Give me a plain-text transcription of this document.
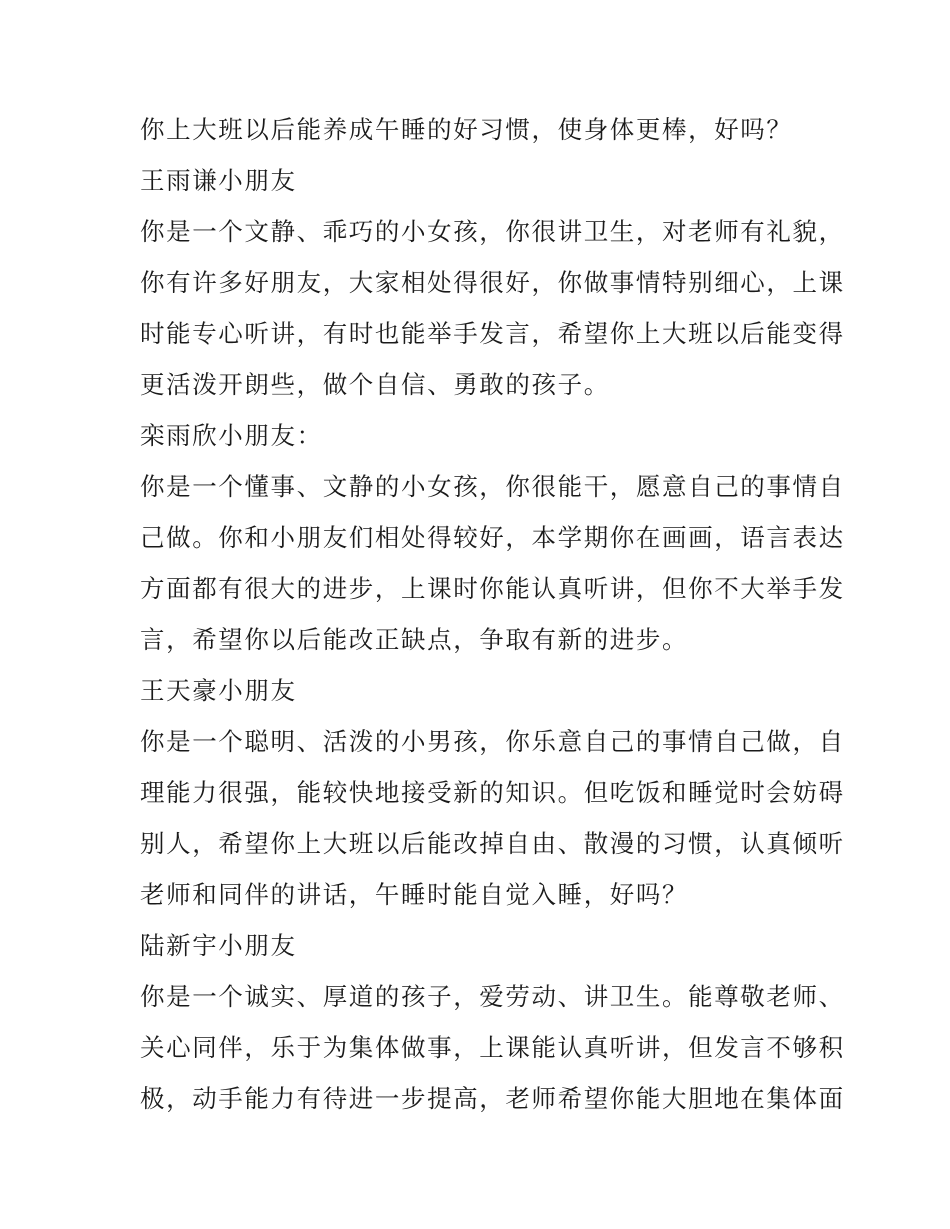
你上大班以后能养成午睡的好习惯，使身体更棒，好吗？

王雨谦小朋友

你是一个文静、乖巧的小女孩，你很讲卫生，对老师有礼貌，

你有许多好朋友，大家相处得很好，你做事情特别细心，上课

时能专心听讲，有时也能举手发言，希望你上大班以后能变得

更活泼开朗些，做个自信、勇敢的孩子。

栾雨欣小朋友：

你是一个懂事、文静的小女孩，你很能干，愿意自己的事情自

己做。你和小朋友们相处得较好，本学期你在画画，语言表达

方面都有很大的进步，上课时你能认真听讲，但你不大举手发

言，希望你以后能改正缺点，争取有新的进步。

王天豪小朋友

你是一个聪明、活泼的小男孩，你乐意自己的事情自己做，自

理能力很强，能较快地接受新的知识。但吃饭和睡觉时会妨碍

别人，希望你上大班以后能改掉自由、散漫的习惯，认真倾听

老师和同伴的讲话，午睡时能自觉入睡，好吗？

陆新宇小朋友

你是一个诚实、厚道的孩子，爱劳动、讲卫生。能尊敬老师、

关心同伴，乐于为集体做事，上课能认真听讲，但发言不够积

极，动手能力有待进一步提高，老师希望你能大胆地在集体面
